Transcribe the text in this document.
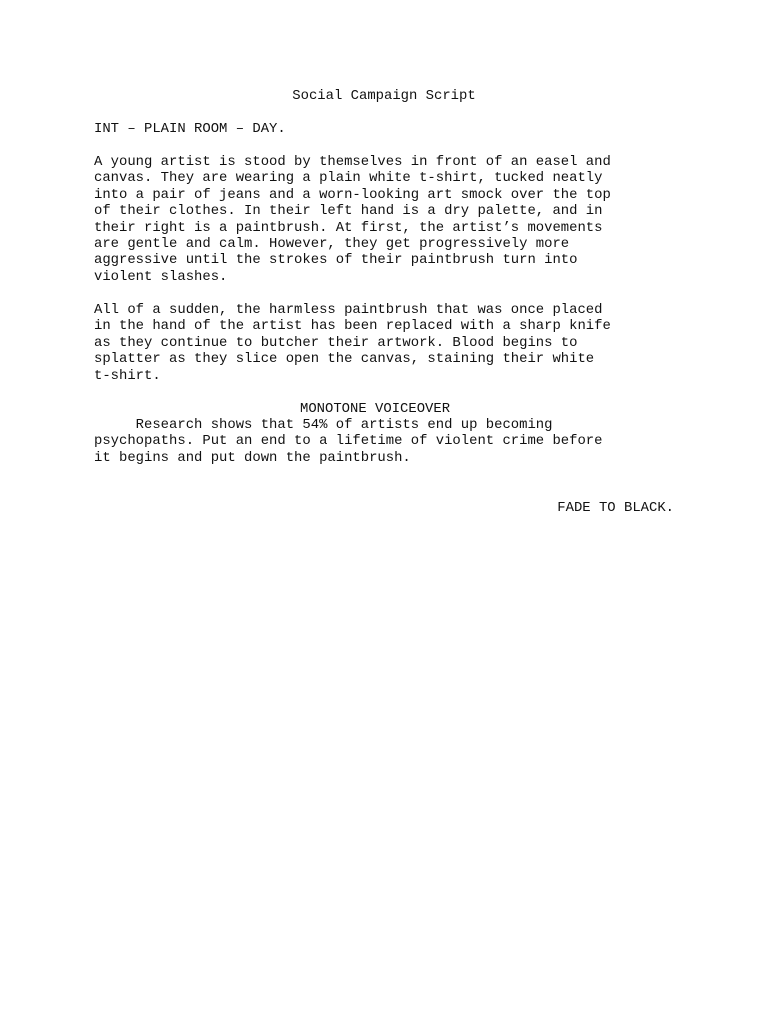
Social Campaign Script

INT – PLAIN ROOM – DAY.

A young artist is stood by themselves in front of an easel and
canvas. They are wearing a plain white t-shirt, tucked neatly
into a pair of jeans and a worn-looking art smock over the top
of their clothes. In their left hand is a dry palette, and in
their right is a paintbrush. At first, the artist’s movements
are gentle and calm. However, they get progressively more
aggressive until the strokes of their paintbrush turn into
violent slashes.

All of a sudden, the harmless paintbrush that was once placed
in the hand of the artist has been replaced with a sharp knife
as they continue to butcher their artwork. Blood begins to
splatter as they slice open the canvas, staining their white
t-shirt.

MONOTONE VOICEOVER

Research shows that 54% of artists end up becoming
psychopaths. Put an end to a lifetime of violent crime before
it begins and put down the paintbrush.

FADE TO BLACK.
